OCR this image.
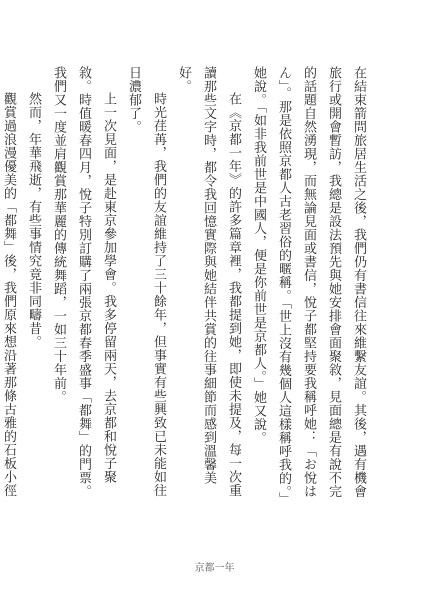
在結束箭問旅居生活之後，我們仍有書信往來維繫友誼。其後，遇有機會旅行或開會暫訪，我總是設法預先與她安排會面聚敘，見面總是有說不完的話題自然湧現，而無論見面或書信，悅子都堅持要我稱呼她：「お悅はん」。那是依照京都人古老習俗的暱稱。「世上沒有幾個人這樣稱呼我的。」她說。「如非我前世是中國人，便是你前世是京都人。」她又說。

在《京都一年》的許多篇章裡，我都提到她，即使未提及，每一次重讀那些文字時，都令我回憶實際與她結伴共賞的往事細節而感到溫馨美好。

時光荏苒，我們的友誼維持了三十餘年，但事實有些興致已未能如往日濃郁了。

上一次見面，是赴東京參加學會。我多停留兩天，去京都和悅子聚敘。時值暖春四月，悅子特別訂購了兩張京都春季盛事「都舞」的門票。我們又一度並肩觀賞那華麗的傳統舞蹈，一如三十年前。

然而，年華飛逝，有些事情究竟非同疇昔。

觀賞過浪漫優美的「都舞」後，我們原來想沿著那條古雅的石板小徑

京都一年
